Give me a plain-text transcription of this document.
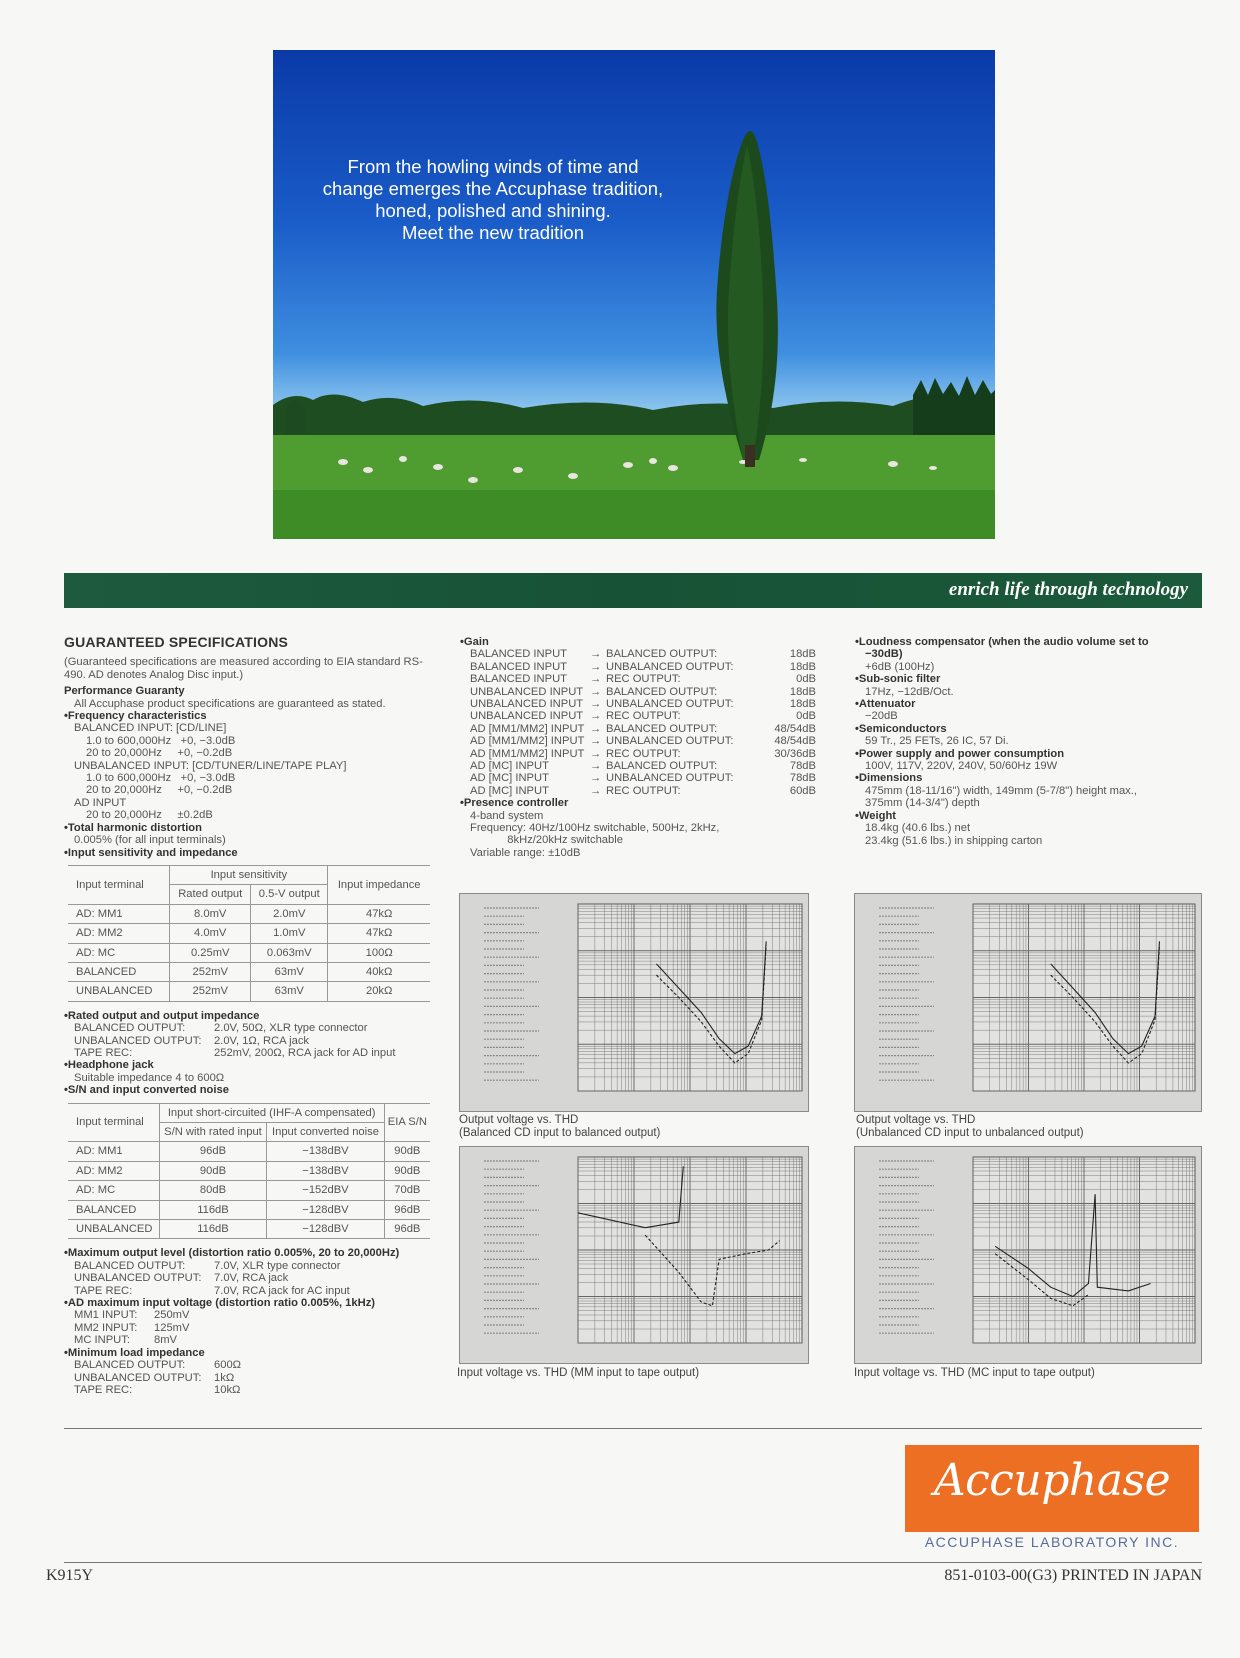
From the howling winds of time and
change emerges the Accuphase tradition,
honed, polished and shining.
Meet the new tradition
enrich life through technology
GUARANTEED SPECIFICATIONS
(Guaranteed specifications are measured according to EIA standard RS-490. AD denotes Analog Disc input.)
Performance Guaranty
All Accuphase product specifications are guaranteed as stated.
• Frequency characteristics
BALANCED INPUT: [CD/LINE]
1.0 to 600,000Hz   +0, −3.0dB
20 to 20,000Hz     +0, −0.2dB
UNBALANCED INPUT: [CD/TUNER/LINE/TAPE PLAY]
1.0 to 600,000Hz   +0, −3.0dB
20 to 20,000Hz     +0, −0.2dB
AD INPUT
20 to 20,000Hz     ±0.2dB
• Total harmonic distortion
0.005% (for all input terminals)
• Input sensitivity and impedance
Input terminal	Input sensitivity		Input impedance
	Rated output	0.5-V output	
AD: MM1	8.0mV	2.0mV	47kΩ
AD: MM2	4.0mV	1.0mV	47kΩ
AD: MC	0.25mV	0.063mV	100Ω
BALANCED	252mV	63mV	40kΩ
UNBALANCED	252mV	63mV	20kΩ
• Rated output and output impedance
BALANCED OUTPUT:	2.0V, 50Ω, XLR type connector
UNBALANCED OUTPUT:	2.0V, 1Ω, RCA jack
TAPE REC:	252mV, 200Ω, RCA jack for AD input
• Headphone jack
Suitable impedance 4 to 600Ω
• S/N and input converted noise
Input terminal	Input short-circuited (IHF-A compensated)		EIA S/N
	S/N with rated input	Input converted noise	
AD: MM1	96dB	−138dBV	90dB
AD: MM2	90dB	−138dBV	90dB
AD: MC	80dB	−152dBV	70dB
BALANCED	116dB	−128dBV	96dB
UNBALANCED	116dB	−128dBV	96dB
• Maximum output level (distortion ratio 0.005%, 20 to 20,000Hz)
BALANCED OUTPUT:	7.0V, XLR type connector
UNBALANCED OUTPUT:	7.0V, RCA jack
TAPE REC:	7.0V, RCA jack for AC input
• AD maximum input voltage (distortion ratio 0.005%, 1kHz)
MM1 INPUT:	250mV
MM2 INPUT:	125mV
MC INPUT:	8mV
• Minimum load impedance
BALANCED OUTPUT:	600Ω
UNBALANCED OUTPUT:	1kΩ
TAPE REC:	10kΩ
• Gain
BALANCED INPUT	→ BALANCED OUTPUT:	18dB
BALANCED INPUT	→ UNBALANCED OUTPUT:	18dB
BALANCED INPUT	→ REC OUTPUT:	0dB
UNBALANCED INPUT → BALANCED OUTPUT:	18dB
UNBALANCED INPUT → UNBALANCED OUTPUT:	18dB
UNBALANCED INPUT → REC OUTPUT:	0dB
AD [MM1/MM2] INPUT → BALANCED OUTPUT:	48/54dB
AD [MM1/MM2] INPUT → UNBALANCED OUTPUT:	48/54dB
AD [MM1/MM2] INPUT → REC OUTPUT:	30/36dB
AD [MC] INPUT	→ BALANCED OUTPUT:	78dB
AD [MC] INPUT	→ UNBALANCED OUTPUT:	78dB
AD [MC] INPUT	→ REC OUTPUT:	60dB
• Presence controller
4-band system
Frequency: 40Hz/100Hz switchable, 500Hz, 2kHz,
8kHz/20kHz switchable
Variable range: ±10dB
• Loudness compensator (when the audio volume set to
−30dB)
+6dB (100Hz)
• Sub-sonic filter
17Hz, −12dB/Oct.
• Attenuator
−20dB
• Semiconductors
59 Tr., 25 FETs, 26 IC, 57 Di.
• Power supply and power consumption
100V, 117V, 220V, 240V, 50/60Hz 19W
• Dimensions
475mm (18-11/16") width, 149mm (5-7/8") height max.,
375mm (14-3/4") depth
• Weight
18.4kg (40.6 lbs.) net
23.4kg (51.6 lbs.) in shipping carton
Output voltage vs. THD
(Balanced CD input to balanced output)
Output voltage vs. THD
(Unbalanced CD input to unbalanced output)
Input voltage vs. THD (MM input to tape output)	Input voltage vs. THD (MC input to tape output)
Accuphase
ACCUPHASE LABORATORY INC.
K915Y	851-0103-00(G3) PRINTED IN JAPAN
